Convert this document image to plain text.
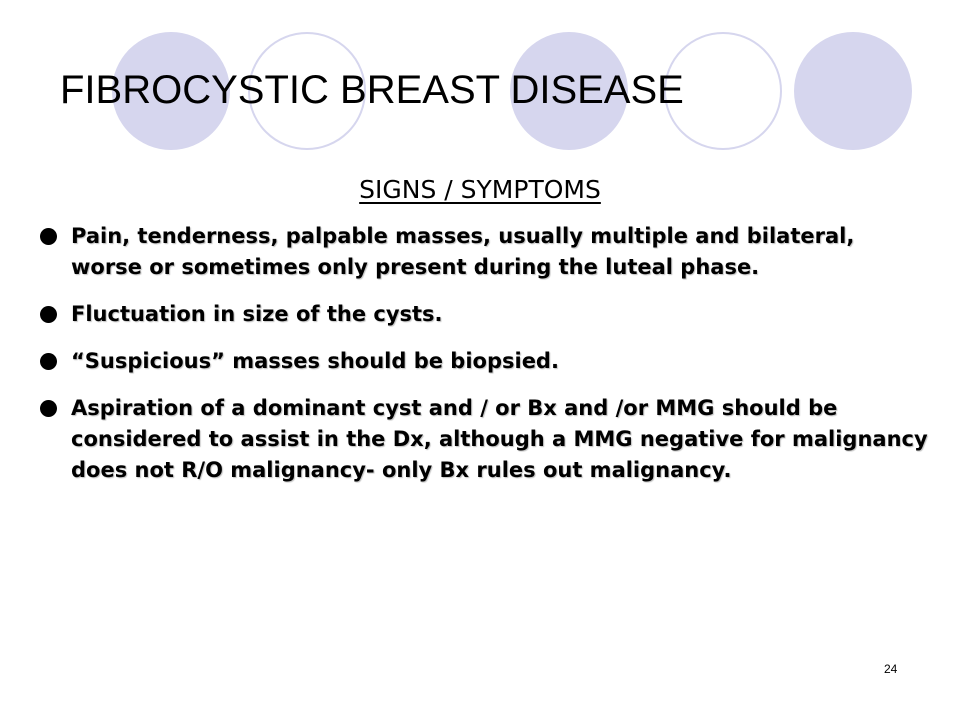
FIBROCYSTIC BREAST DISEASE
SIGNS / SYMPTOMS
Pain, tenderness, palpable masses, usually multiple and bilateral, worse or sometimes only present during the luteal phase.
Fluctuation in size of the cysts.
“Suspicious” masses should be biopsied.
Aspiration of a dominant cyst and / or Bx and /or MMG should be considered to assist in the Dx, although a MMG negative for malignancy does not R/O malignancy- only Bx rules out malignancy.
24
